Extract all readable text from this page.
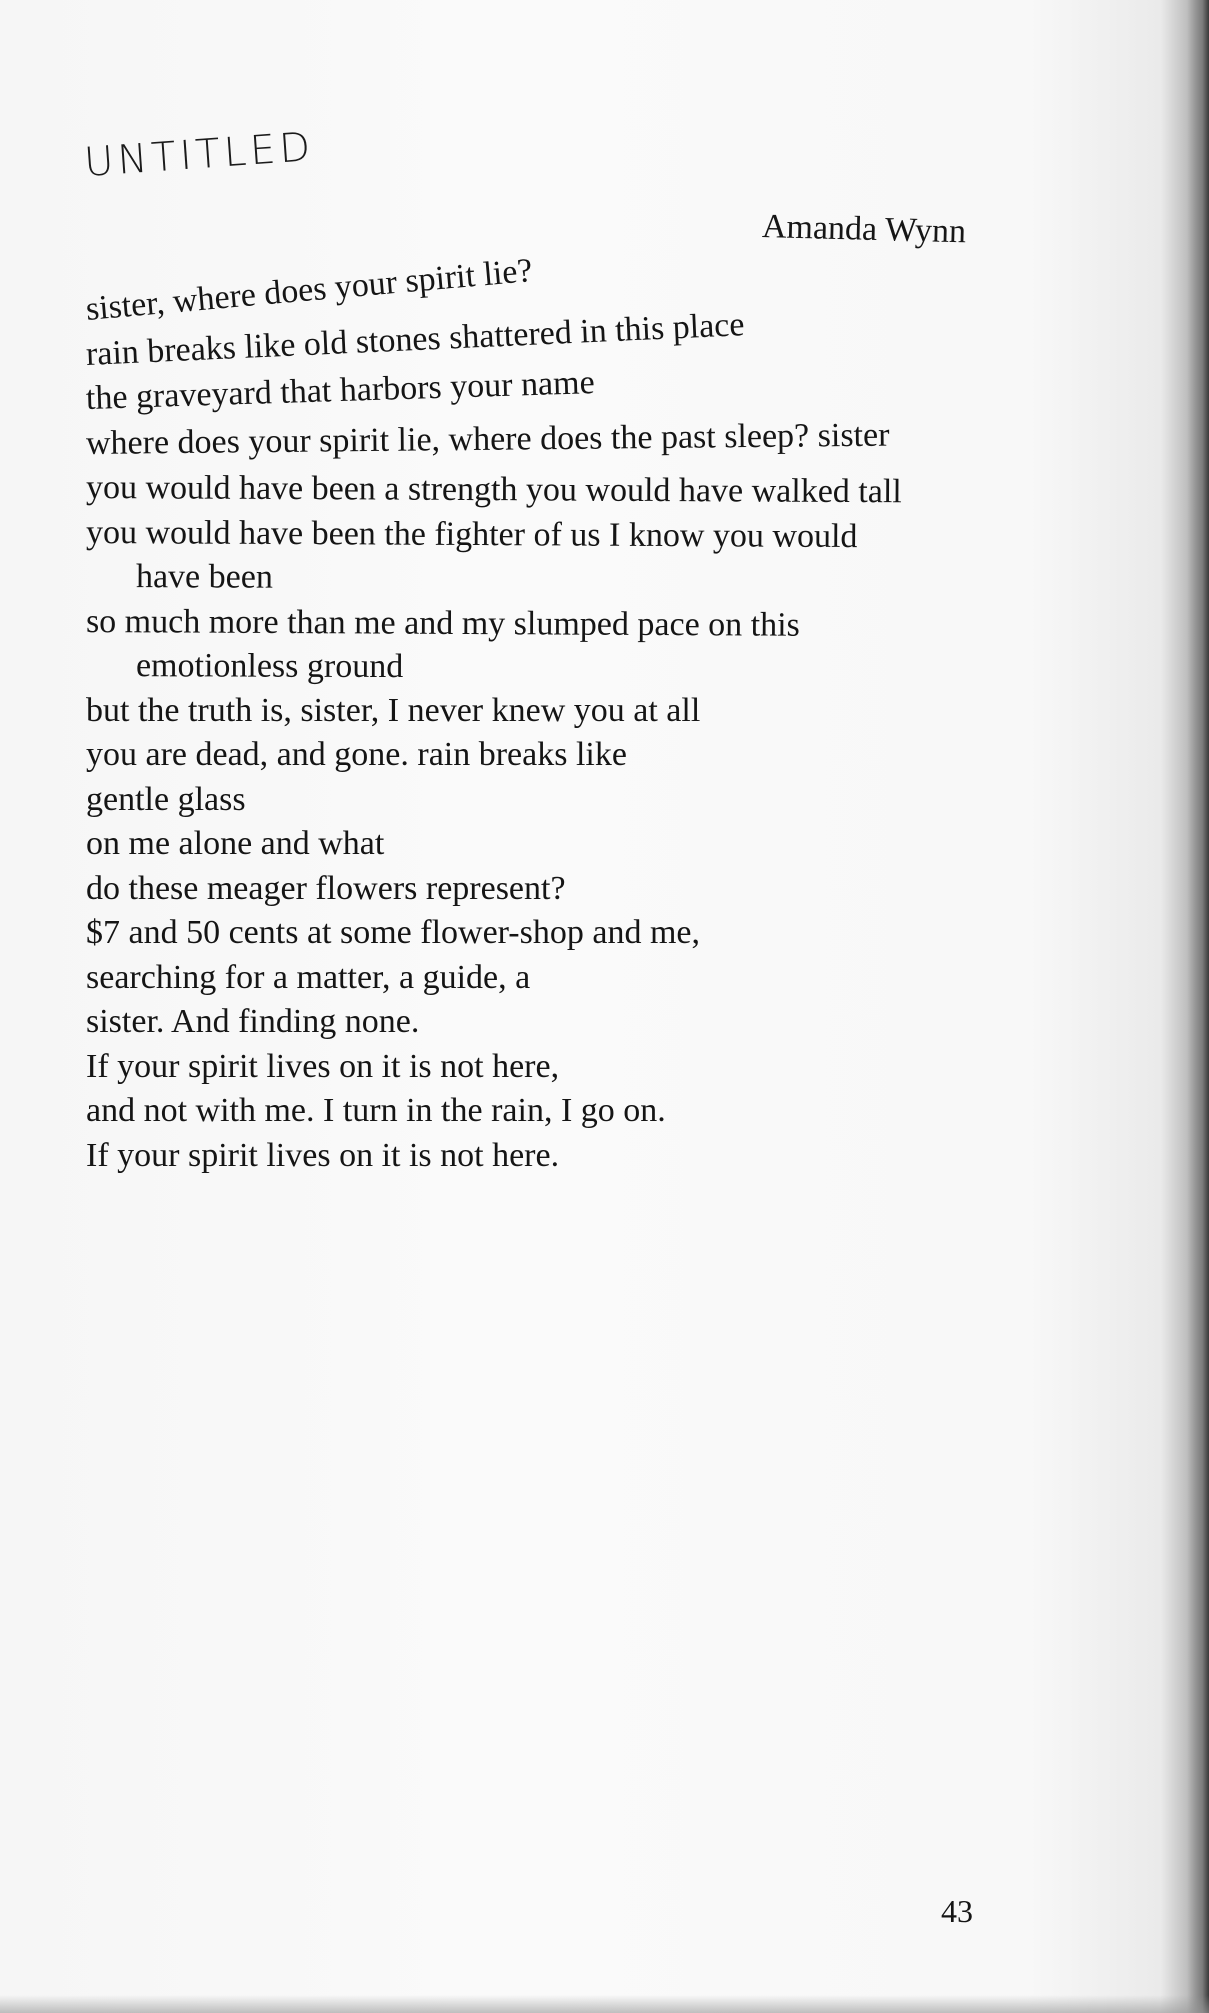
UNTITLED
Amanda Wynn
sister, where does your spirit lie?
rain breaks like old stones shattered in this place
the graveyard that harbors your name
where does your spirit lie, where does the past sleep? sister
you would have been a strength you would have walked tall
you would have been the fighter of us I know you would
have been
so much more than me and my slumped pace on this
emotionless ground
but the truth is, sister, I never knew you at all
you are dead, and gone. rain breaks like
gentle glass
on me alone and what
do these meager flowers represent?
$7 and 50 cents at some flower-shop and me,
searching for a matter, a guide, a
sister. And finding none.
If your spirit lives on it is not here,
and not with me. I turn in the rain, I go on.
If your spirit lives on it is not here.
43
